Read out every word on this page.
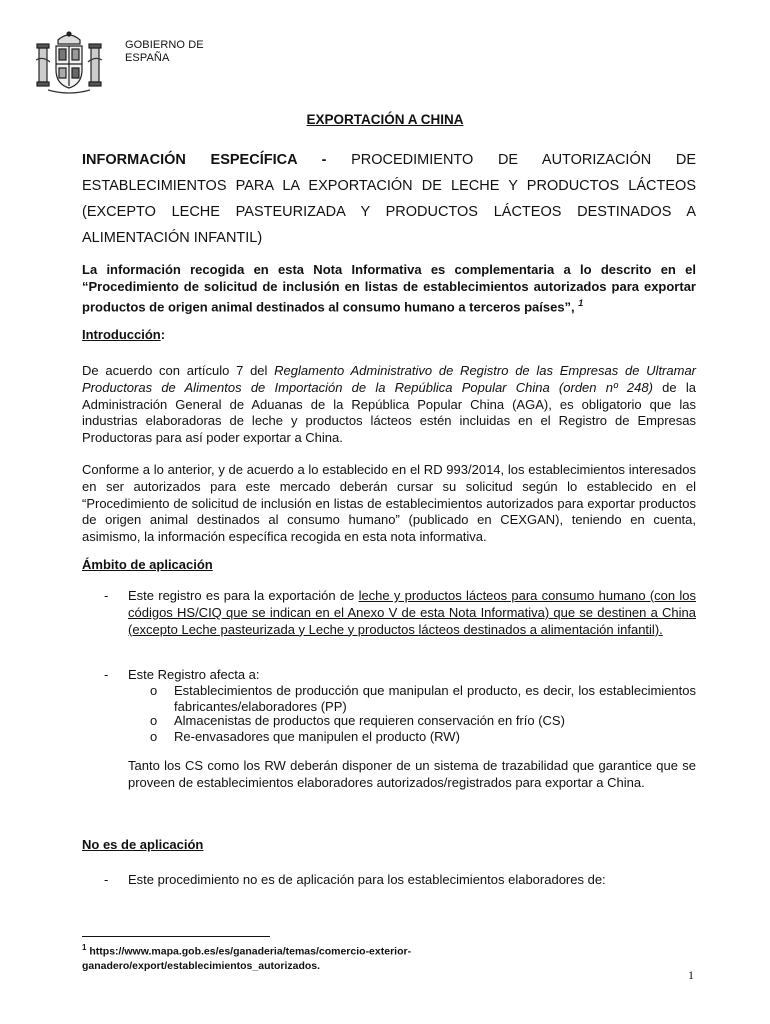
GOBIERNO DE
ESPAÑA
EXPORTACIÓN A CHINA
INFORMACIÓN ESPECÍFICA - PROCEDIMIENTO DE AUTORIZACIÓN DE ESTABLECIMIENTOS PARA LA EXPORTACIÓN DE LECHE Y PRODUCTOS LÁCTEOS (EXCEPTO LECHE PASTEURIZADA Y PRODUCTOS LÁCTEOS DESTINADOS A ALIMENTACIÓN INFANTIL)
La información recogida en esta Nota Informativa es complementaria a lo descrito en el “Procedimiento de solicitud de inclusión en listas de establecimientos autorizados para exportar productos de origen animal destinados al consumo humano a terceros países”, $^1$
Introducción:
De acuerdo con artículo 7 del Reglamento Administrativo de Registro de las Empresas de Ultramar Productoras de Alimentos de Importación de la República Popular China (orden nº 248) de la Administración General de Aduanas de la República Popular China (AGA), es obligatorio que las industrias elaboradoras de leche y productos lácteos estén incluidas en el Registro de Empresas Productoras para así poder exportar a China.
Conforme a lo anterior, y de acuerdo a lo establecido en el RD 993/2014, los establecimientos interesados en ser autorizados para este mercado deberán cursar su solicitud según lo establecido en el “Procedimiento de solicitud de inclusión en listas de establecimientos autorizados para exportar productos de origen animal destinados al consumo humano” (publicado en CEXGAN), teniendo en cuenta, asimismo, la información específica recogida en esta nota informativa.
Ámbito de aplicación
- Este registro es para la exportación de leche y productos lácteos para consumo humano (con los códigos HS/CIQ que se indican en el Anexo V de esta Nota Informativa) que se destinen a China (excepto Leche pasteurizada y Leche y productos lácteos destinados a alimentación infantil).
- Este Registro afecta a:
o Establecimientos de producción que manipulan el producto, es decir, los establecimientos fabricantes/elaboradores (PP)
o Almacenistas de productos que requieren conservación en frío (CS)
o Re-envasadores que manipulen el producto (RW)
Tanto los CS como los RW deberán disponer de un sistema de trazabilidad que garantice que se proveen de establecimientos elaboradores autorizados/registrados para exportar a China.
No es de aplicación
- Este procedimiento no es de aplicación para los establecimientos elaboradores de:
$^1$ https://www.mapa.gob.es/es/ganaderia/temas/comercio-exterior-ganadero/export/establecimientos_autorizados.
1
